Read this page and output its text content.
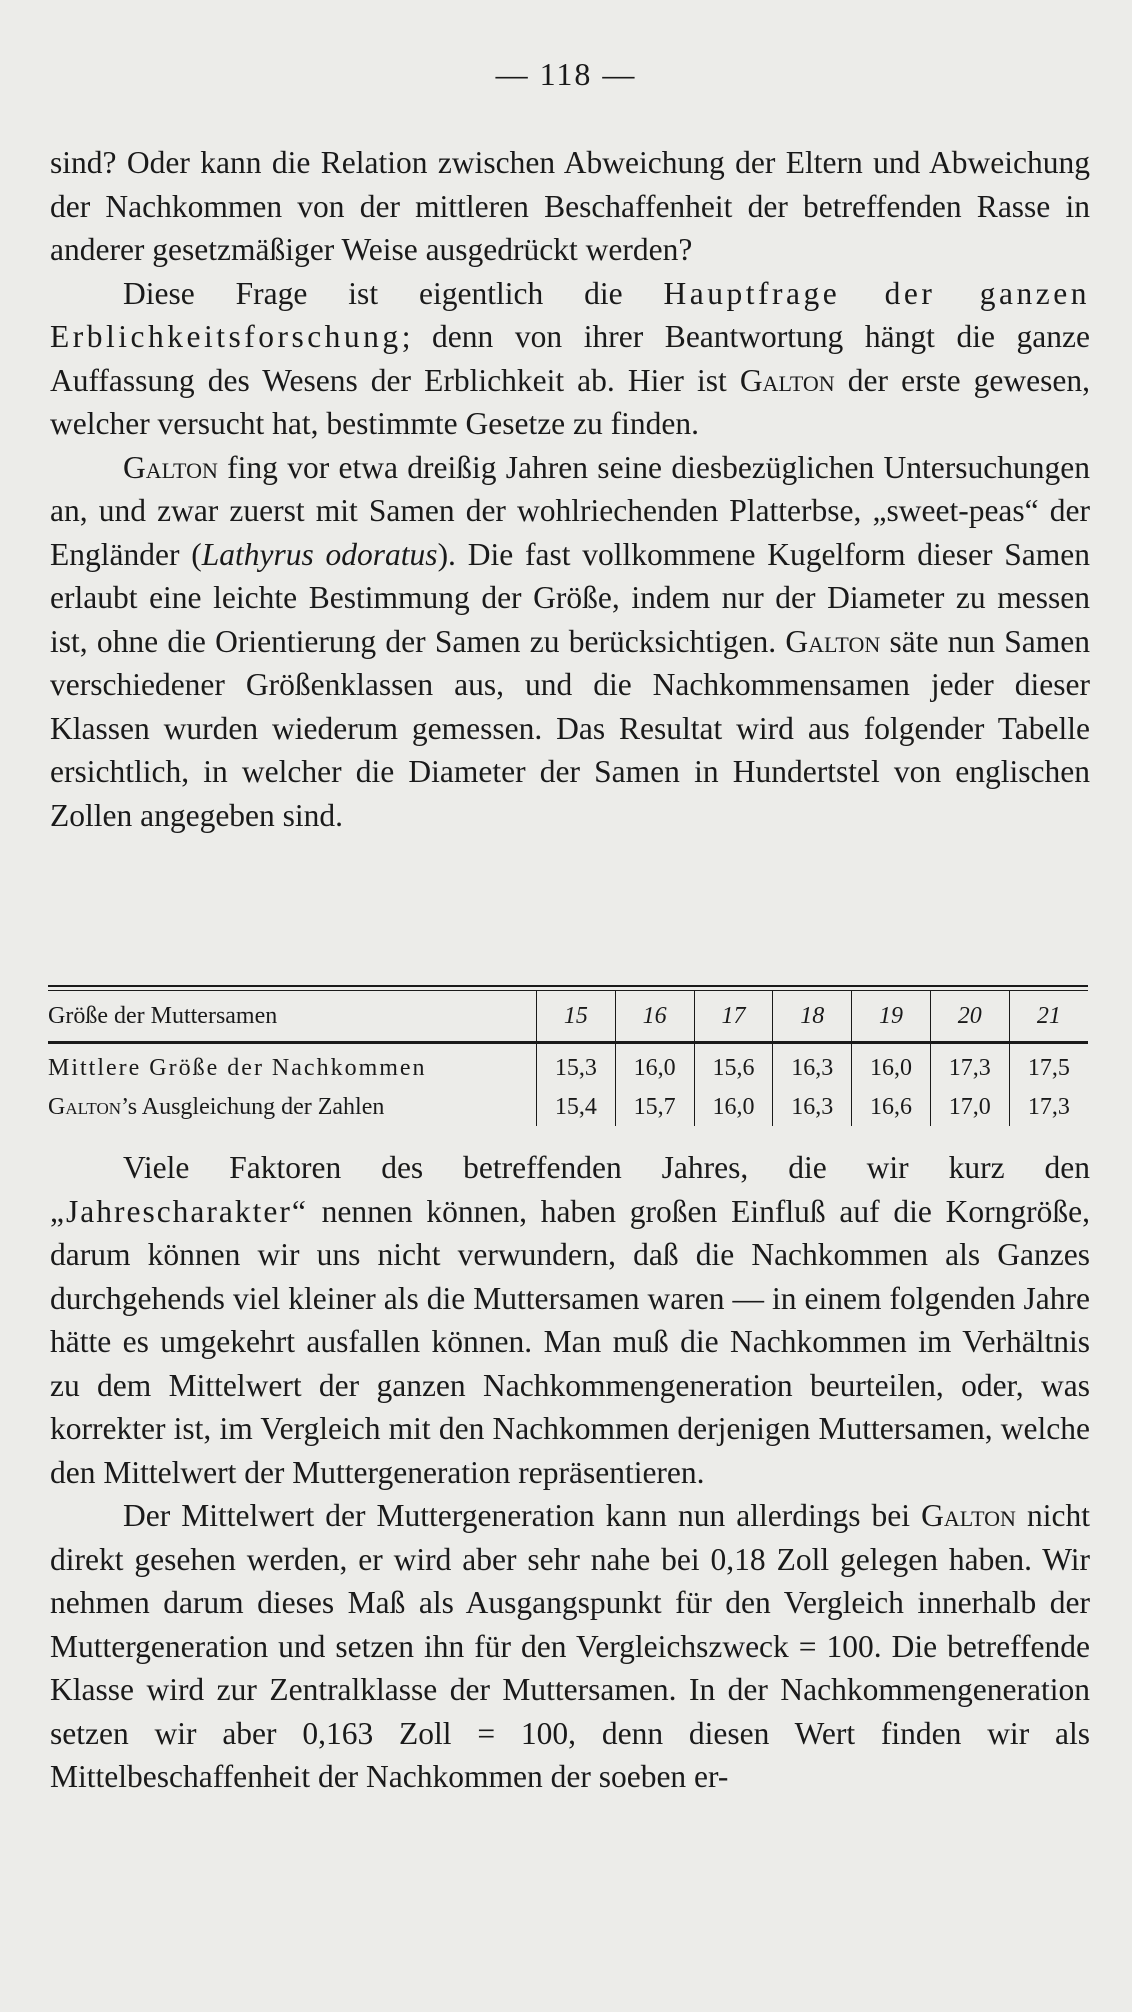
— 118 —

sind? Oder kann die Relation zwischen Abweichung der Eltern und Abweichung der Nachkommen von der mittleren Beschaffenheit der betreffenden Rasse in anderer gesetzmäßiger Weise ausgedrückt werden?

Diese Frage ist eigentlich die Hauptfrage der ganzen Erblichkeitsforschung; denn von ihrer Beantwortung hängt die ganze Auffassung des Wesens der Erblichkeit ab. Hier ist Galton der erste gewesen, welcher versucht hat, bestimmte Gesetze zu finden.

Galton fing vor etwa dreißig Jahren seine diesbezüglichen Untersuchungen an, und zwar zuerst mit Samen der wohlriechenden Platterbse, „sweet-peas“ der Engländer (Lathyrus odoratus). Die fast vollkommene Kugelform dieser Samen erlaubt eine leichte Bestimmung der Größe, indem nur der Diameter zu messen ist, ohne die Orientierung der Samen zu berücksichtigen. Galton säte nun Samen verschiedener Größenklassen aus, und die Nachkommensamen jeder dieser Klassen wurden wiederum gemessen. Das Resultat wird aus folgender Tabelle ersichtlich, in welcher die Diameter der Samen in Hundertstel von englischen Zollen angegeben sind.

Größe der Muttersamen	15	16	17	18	19	20	21

Mittlere Größe der Nachkommen	15,3	16,0	15,6	16,3	16,0	17,3	17,5
Galton’s Ausgleichung der Zahlen	15,4	15,7	16,0	16,3	16,6	17,0	17,3

Viele Faktoren des betreffenden Jahres, die wir kurz den „Jahrescharakter“ nennen können, haben großen Einfluß auf die Korngröße, darum können wir uns nicht verwundern, daß die Nachkommen als Ganzes durchgehends viel kleiner als die Muttersamen waren — in einem folgenden Jahre hätte es umgekehrt ausfallen können. Man muß die Nachkommen im Verhältnis zu dem Mittelwert der ganzen Nachkommengeneration beurteilen, oder, was korrekter ist, im Vergleich mit den Nachkommen derjenigen Muttersamen, welche den Mittelwert der Muttergeneration repräsentieren.

Der Mittelwert der Muttergeneration kann nun allerdings bei Galton nicht direkt gesehen werden, er wird aber sehr nahe bei 0,18 Zoll gelegen haben. Wir nehmen darum dieses Maß als Ausgangspunkt für den Vergleich innerhalb der Muttergeneration und setzen ihn für den Vergleichszweck = 100. Die betreffende Klasse wird zur Zentralklasse der Muttersamen. In der Nachkommengeneration setzen wir aber 0,163 Zoll = 100, denn diesen Wert finden wir als Mittelbeschaffenheit der Nachkommen der soeben er-
